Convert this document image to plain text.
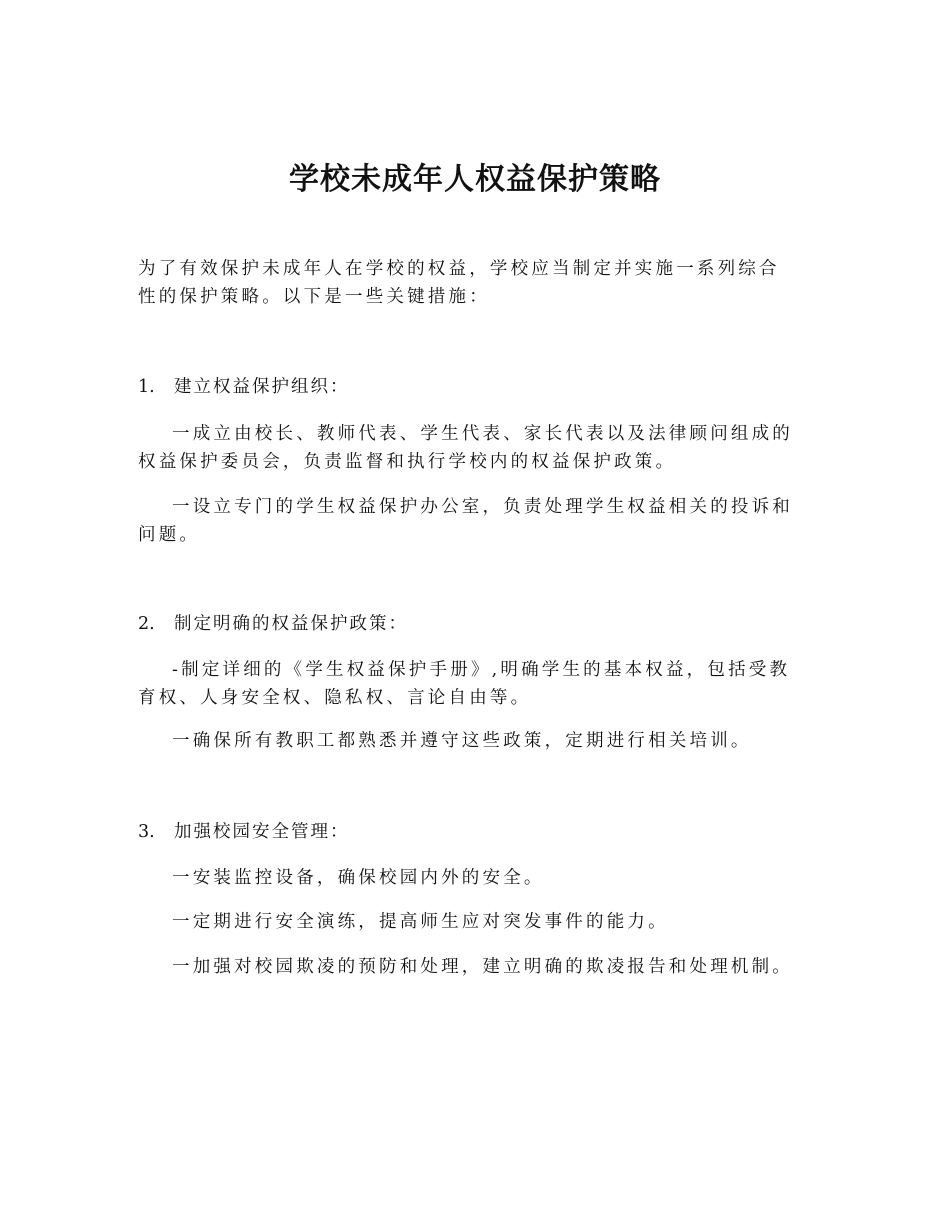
学校未成年人权益保护策略

为了有效保护未成年人在学校的权益，学校应当制定并实施一系列综合性的保护策略。以下是一些关键措施：

1. 建立权益保护组织：

一成立由校长、教师代表、学生代表、家长代表以及法律顾问组成的权益保护委员会，负责监督和执行学校内的权益保护政策。

一设立专门的学生权益保护办公室，负责处理学生权益相关的投诉和问题。

2. 制定明确的权益保护政策：

-制定详细的《学生权益保护手册》,明确学生的基本权益，包括受教育权、人身安全权、隐私权、言论自由等。

一确保所有教职工都熟悉并遵守这些政策，定期进行相关培训。

3. 加强校园安全管理：

一安装监控设备，确保校园内外的安全。

一定期进行安全演练，提高师生应对突发事件的能力。

一加强对校园欺凌的预防和处理，建立明确的欺凌报告和处理机制。
